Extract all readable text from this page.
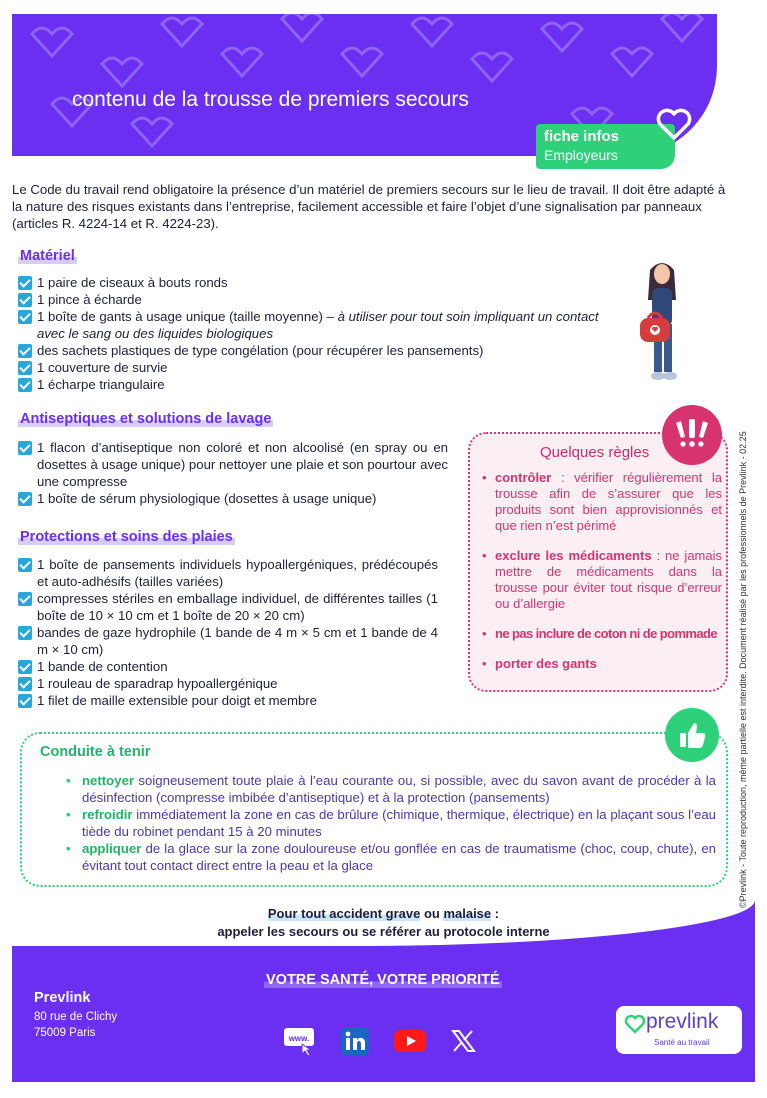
contenu de la trousse de premiers secours
fiche infos
Employeurs

Le Code du travail rend obligatoire la présence d’un matériel de premiers secours sur le lieu de travail. Il doit être adapté à la nature des risques existants dans l’entreprise, facilement accessible et faire l’objet d’une signalisation par panneaux (articles R. 4224-14 et R. 4224-23).

Matériel
1 paire de ciseaux à bouts ronds
1 pince à écharde
1 boîte de gants à usage unique (taille moyenne) – à utiliser pour tout soin impliquant un contact avec le sang ou des liquides biologiques
des sachets plastiques de type congélation (pour récupérer les pansements)
1 couverture de survie
1 écharpe triangulaire
Antiseptiques et solutions de lavage
1 flacon d’antiseptique non coloré et non alcoolisé (en spray ou en dosettes à usage unique) pour nettoyer une plaie et son pourtour avec une compresse
1 boîte de sérum physiologique (dosettes à usage unique)
Protections et soins des plaies
1 boîte de pansements individuels hypoallergéniques, prédécoupés et auto-adhésifs (tailles variées)
compresses stériles en emballage individuel, de différentes tailles (1 boîte de 10 × 10 cm et 1 boîte de 20 × 20 cm)
bandes de gaze hydrophile (1 bande de 4 m × 5 cm et 1 bande de 4 m × 10 cm)
1 bande de contention
1 rouleau de sparadrap hypoallergénique
1 filet de maille extensible pour doigt et membre
Quelques règles
• contrôler : vérifier régulièrement la trousse afin de s’assurer que les produits sont bien approvisionnés et que rien n’est périmé
• exclure les médicaments : ne jamais mettre de médicaments dans la trousse pour éviter tout risque d’erreur ou d’allergie
• ne pas inclure de coton ni de pommade
• porter des gants
Conduite à tenir
• nettoyer soigneusement toute plaie à l’eau courante ou, si possible, avec du savon avant de procéder à la désinfection (compresse imbibée d’antiseptique) et à la protection (pansements)
• refroidir immédiatement la zone en cas de brûlure (chimique, thermique, électrique) en la plaçant sous l’eau tiède du robinet pendant 15 à 20 minutes
• appliquer de la glace sur la zone douloureuse et/ou gonflée en cas de traumatisme (choc, coup, chute), en évitant tout contact direct entre la peau et la glace
Pour tout accident grave ou malaise :
appeler les secours ou se référer au protocole interne
VOTRE SANTÉ, VOTRE PRIORITÉ
Prevlink
80 rue de Clichy
75009 Paris	www.
prevlink
Santé au travail
©Prevlink - Toute reproduction, même partielle est interdite. Document réalisé par les professionnels de Prevlink - 02.25
